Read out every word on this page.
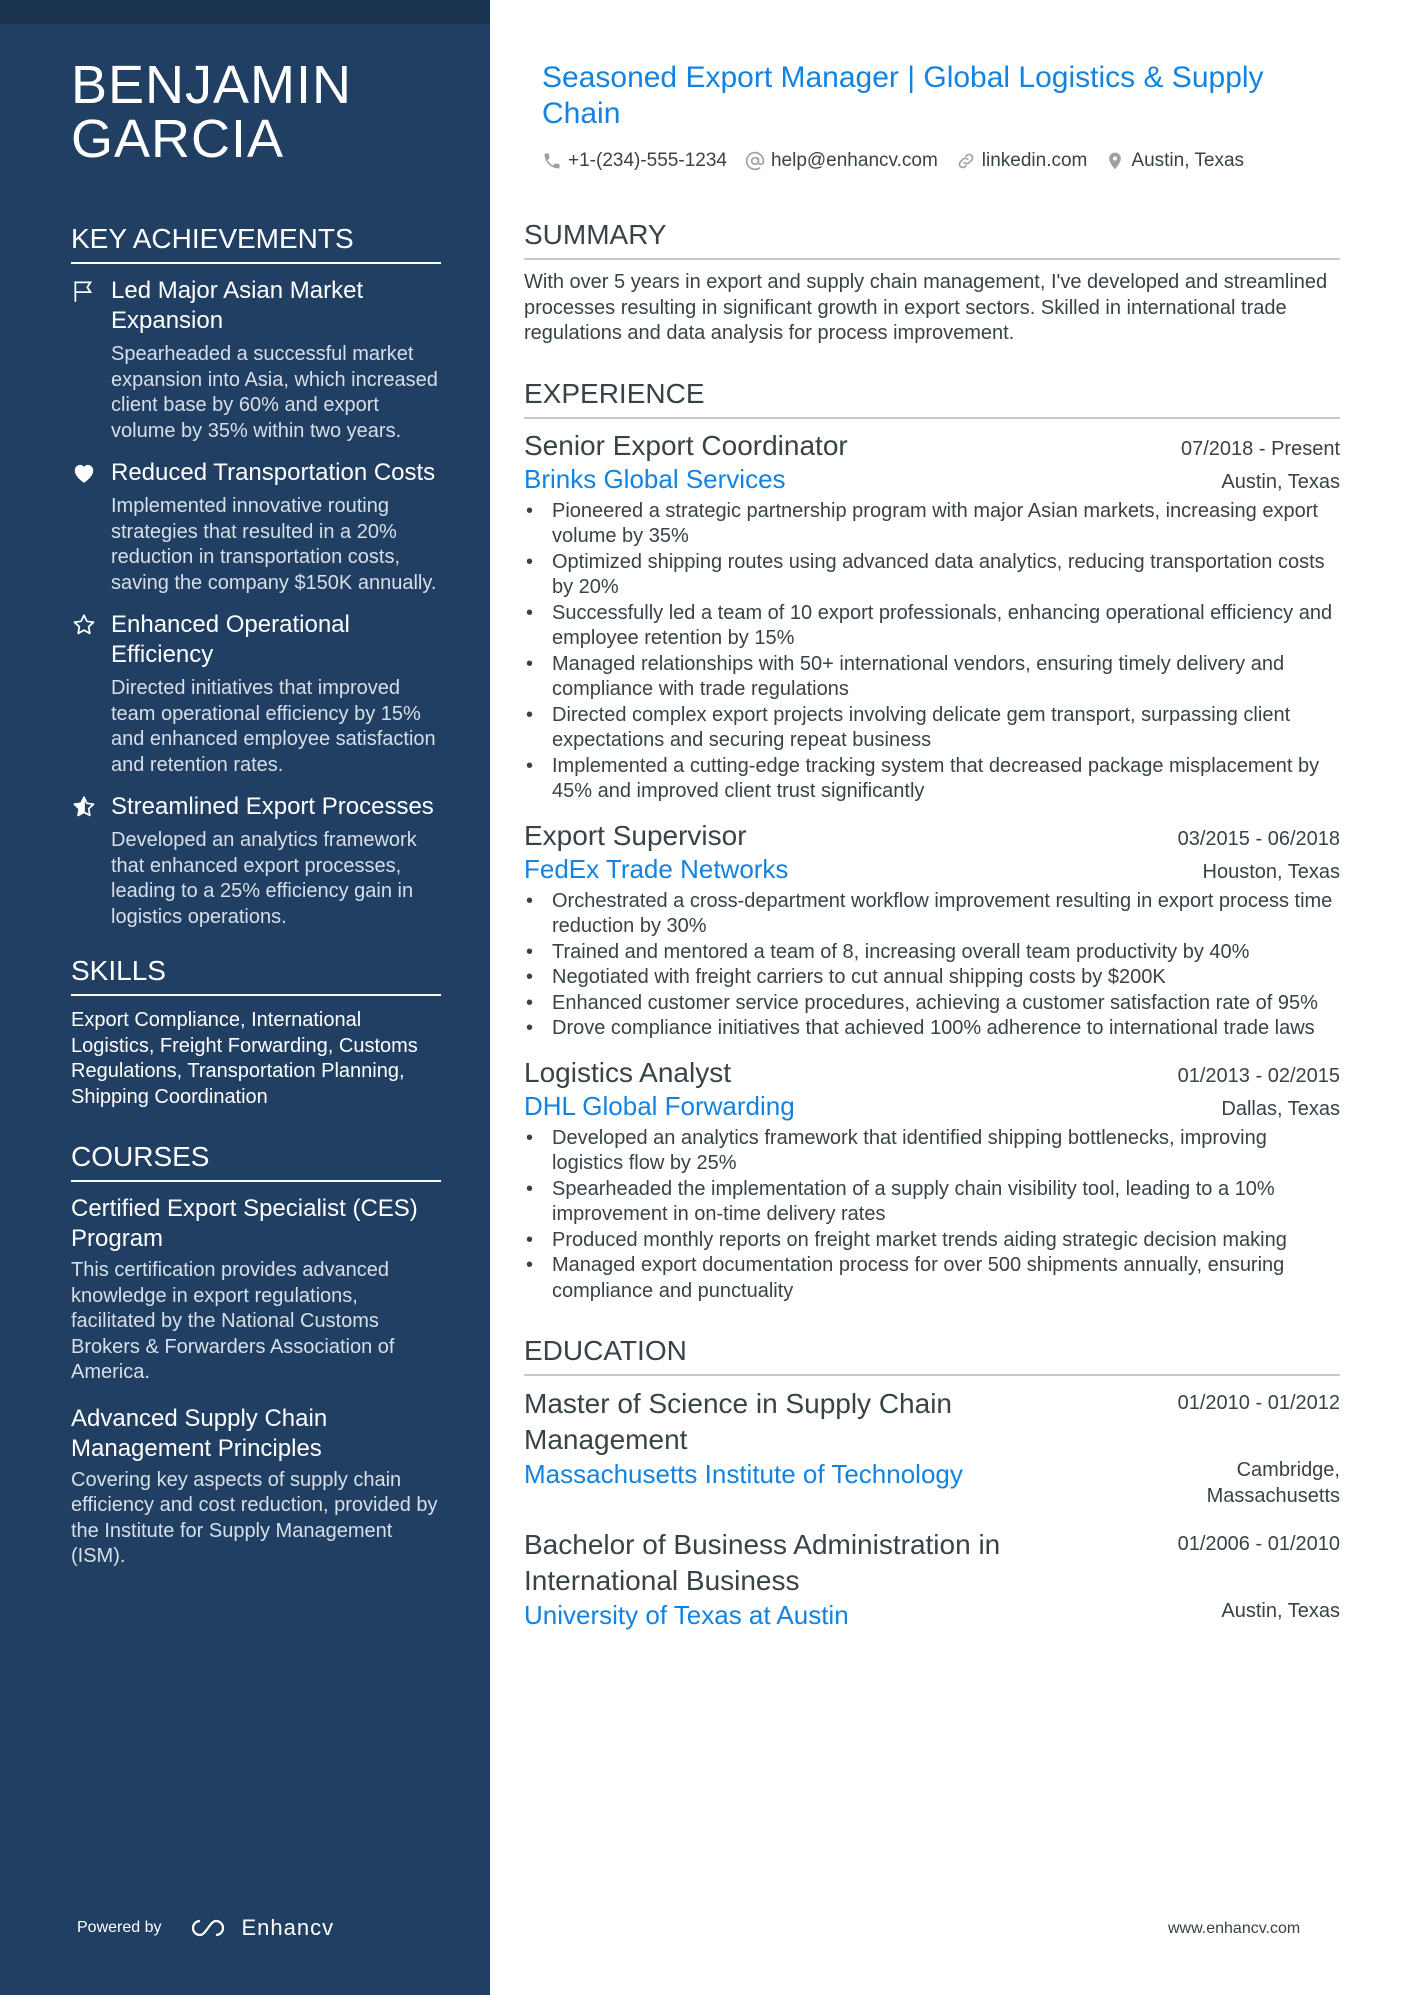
BENJAMIN
GARCIA
KEY ACHIEVEMENTS
Led Major Asian Market Expansion
Spearheaded a successful market expansion into Asia, which increased client base by 60% and export volume by 35% within two years.
Reduced Transportation Costs
Implemented innovative routing strategies that resulted in a 20% reduction in transportation costs, saving the company $150K annually.
Enhanced Operational Efficiency
Directed initiatives that improved team operational efficiency by 15% and enhanced employee satisfaction and retention rates.
Streamlined Export Processes
Developed an analytics framework that enhanced export processes, leading to a 25% efficiency gain in logistics operations.
SKILLS
Export Compliance, International Logistics, Freight Forwarding, Customs Regulations, Transportation Planning, Shipping Coordination
COURSES
Certified Export Specialist (CES) Program
This certification provides advanced knowledge in export regulations, facilitated by the National Customs Brokers & Forwarders Association of America.
Advanced Supply Chain Management Principles
Covering key aspects of supply chain efficiency and cost reduction, provided by the Institute for Supply Management (ISM).
Powered by	Enhancv
Seasoned Export Manager | Global Logistics & Supply Chain
+1-(234)-555-1234 help@enhancv.com linkedin.com Austin, Texas
SUMMARY
With over 5 years in export and supply chain management, I've developed and streamlined processes resulting in significant growth in export sectors. Skilled in international trade regulations and data analysis for process improvement.
EXPERIENCE
Senior Export Coordinator	07/2018 - Present
Brinks Global Services	Austin, Texas
• Pioneered a strategic partnership program with major Asian markets, increasing export volume by 35%
• Optimized shipping routes using advanced data analytics, reducing transportation costs by 20%
• Successfully led a team of 10 export professionals, enhancing operational efficiency and employee retention by 15%
• Managed relationships with 50+ international vendors, ensuring timely delivery and compliance with trade regulations
• Directed complex export projects involving delicate gem transport, surpassing client expectations and securing repeat business
• Implemented a cutting-edge tracking system that decreased package misplacement by 45% and improved client trust significantly
Export Supervisor	03/2015 - 06/2018
FedEx Trade Networks	Houston, Texas
• Orchestrated a cross-department workflow improvement resulting in export process time reduction by 30%
• Trained and mentored a team of 8, increasing overall team productivity by 40%
• Negotiated with freight carriers to cut annual shipping costs by $200K
• Enhanced customer service procedures, achieving a customer satisfaction rate of 95%
• Drove compliance initiatives that achieved 100% adherence to international trade laws
Logistics Analyst	01/2013 - 02/2015
DHL Global Forwarding	Dallas, Texas
• Developed an analytics framework that identified shipping bottlenecks, improving logistics flow by 25%
• Spearheaded the implementation of a supply chain visibility tool, leading to a 10% improvement in on-time delivery rates
• Produced monthly reports on freight market trends aiding strategic decision making
• Managed export documentation process for over 500 shipments annually, ensuring compliance and punctuality
EDUCATION
Master of Science in Supply Chain Management
01/2010 - 01/2012
Massachusetts Institute of Technology	Cambridge,
Massachusetts
Bachelor of Business Administration in International Business
01/2006 - 01/2010
University of Texas at Austin	Austin, Texas
www.enhancv.com
